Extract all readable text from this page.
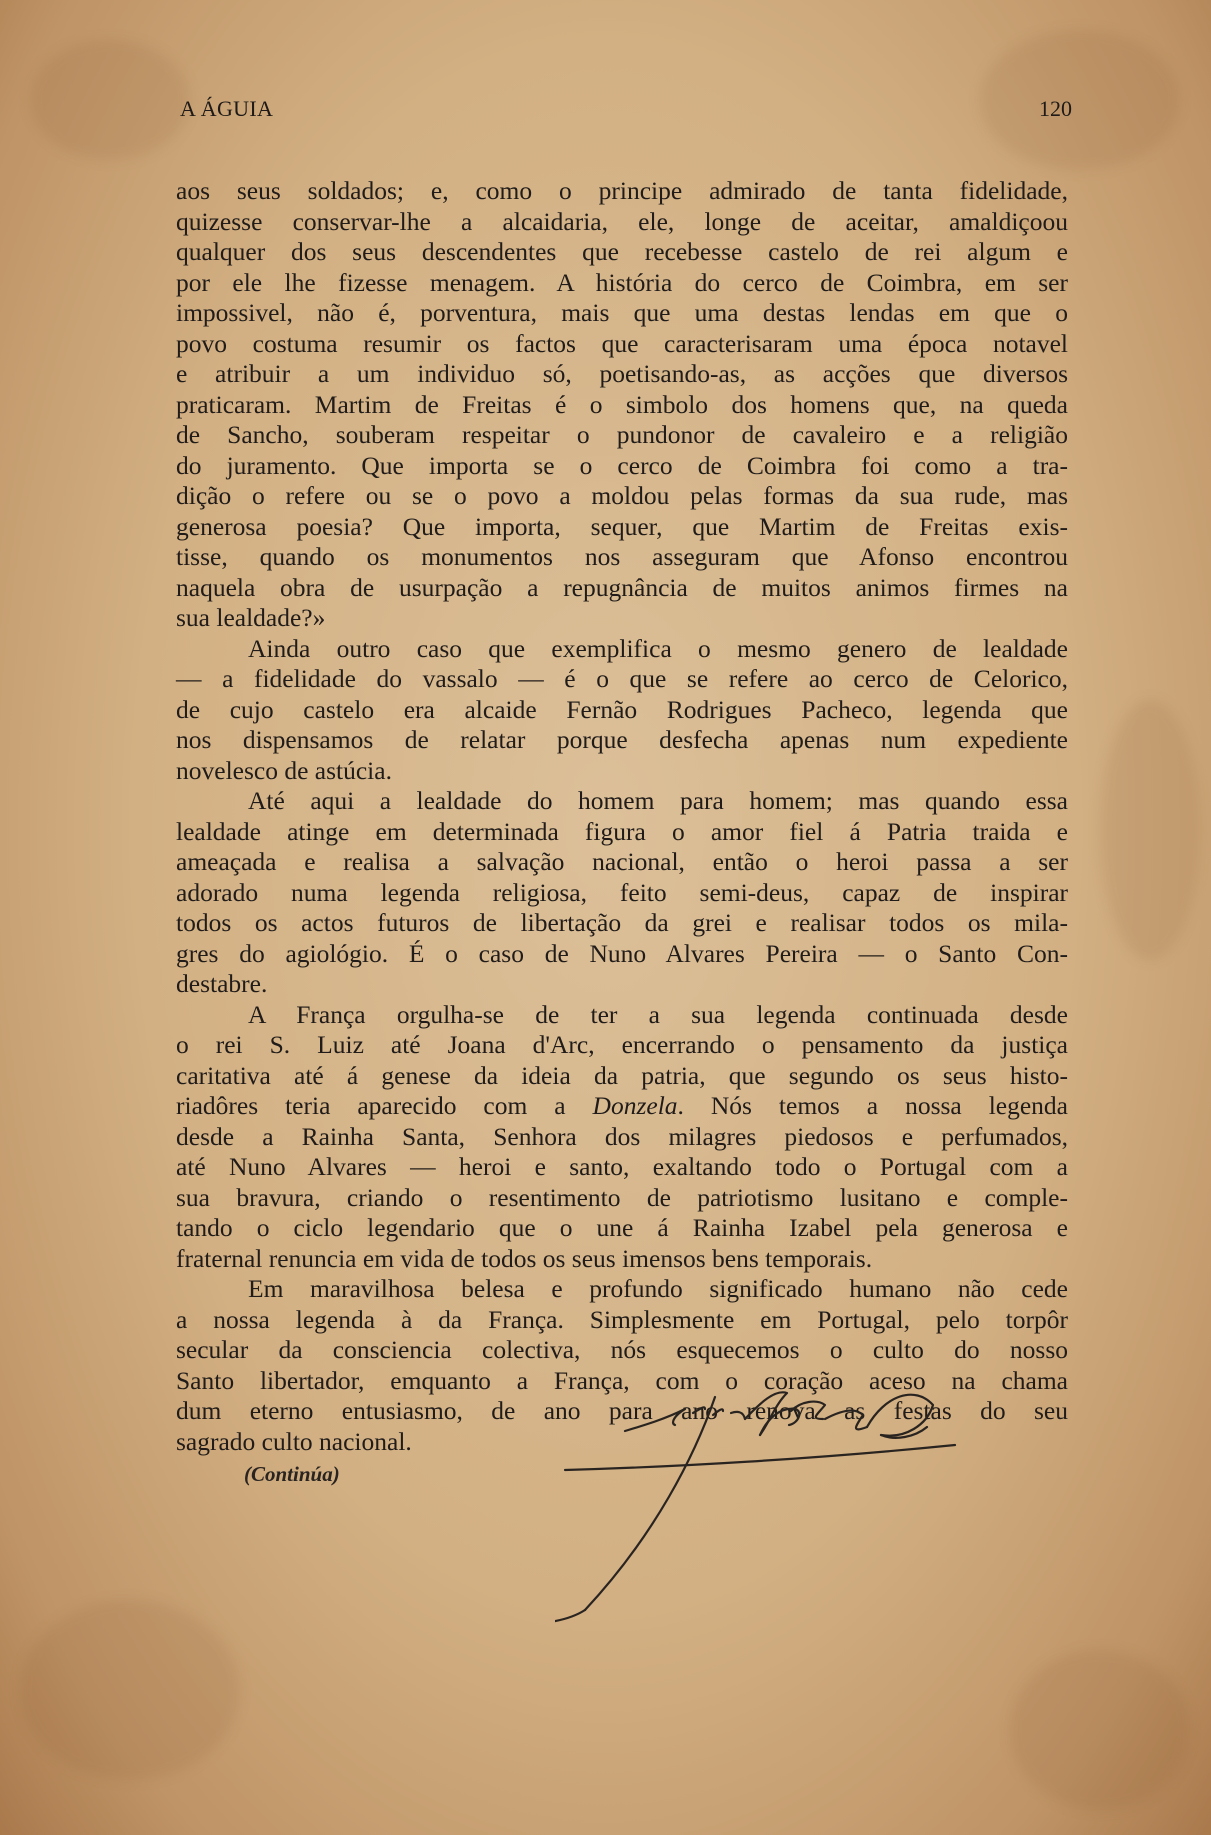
A ÁGUIA	120
aos seus soldados; e, como o principe admirado de tanta fidelidade,
quizesse conservar-lhe a alcaidaria, ele, longe de aceitar, amaldiçoou
qualquer dos seus descendentes que recebesse castelo de rei algum e
por ele lhe fizesse menagem. A história do cerco de Coimbra, em ser
impossivel, não é, porventura, mais que uma destas lendas em que o
povo costuma resumir os factos que caracterisaram uma época notavel
e atribuir a um individuo só, poetisando-as, as acções que diversos
praticaram. Martim de Freitas é o simbolo dos homens que, na queda
de Sancho, souberam respeitar o pundonor de cavaleiro e a religião
do juramento. Que importa se o cerco de Coimbra foi como a tra-
dição o refere ou se o povo a moldou pelas formas da sua rude, mas
generosa poesia? Que importa, sequer, que Martim de Freitas exis-
tisse, quando os monumentos nos asseguram que Afonso encontrou
naquela obra de usurpação a repugnância de muitos animos firmes na
sua lealdade?»
Ainda outro caso que exemplifica o mesmo genero de lealdade
— a fidelidade do vassalo — é o que se refere ao cerco de Celorico,
de cujo castelo era alcaide Fernão Rodrigues Pacheco, legenda que
nos dispensamos de relatar porque desfecha apenas num expediente
novelesco de astúcia.
Até aqui a lealdade do homem para homem; mas quando essa
lealdade atinge em determinada figura o amor fiel á Patria traida e
ameaçada e realisa a salvação nacional, então o heroi passa a ser
adorado numa legenda religiosa, feito semi-deus, capaz de inspirar
todos os actos futuros de libertação da grei e realisar todos os mila-
gres do agiológio. É o caso de Nuno Alvares Pereira — o Santo Con-
destabre.
A França orgulha-se de ter a sua legenda continuada desde
o rei S. Luiz até Joana d'Arc, encerrando o pensamento da justiça
caritativa até á genese da ideia da patria, que segundo os seus histo-
riadôres teria aparecido com a Donzela. Nós temos a nossa legenda
desde a Rainha Santa, Senhora dos milagres piedosos e perfumados,
até Nuno Alvares — heroi e santo, exaltando todo o Portugal com a
sua bravura, criando o resentimento de patriotismo lusitano e comple-
tando o ciclo legendario que o une á Rainha Izabel pela generosa e
fraternal renuncia em vida de todos os seus imensos bens temporais.
Em maravilhosa belesa e profundo significado humano não cede
a nossa legenda à da França. Simplesmente em Portugal, pelo torpôr
secular da consciencia colectiva, nós esquecemos o culto do nosso
Santo libertador, emquanto a França, com o coração aceso na chama
dum eterno entusiasmo, de ano para ano renova as festas do seu
sagrado culto nacional.
(Continúa)
